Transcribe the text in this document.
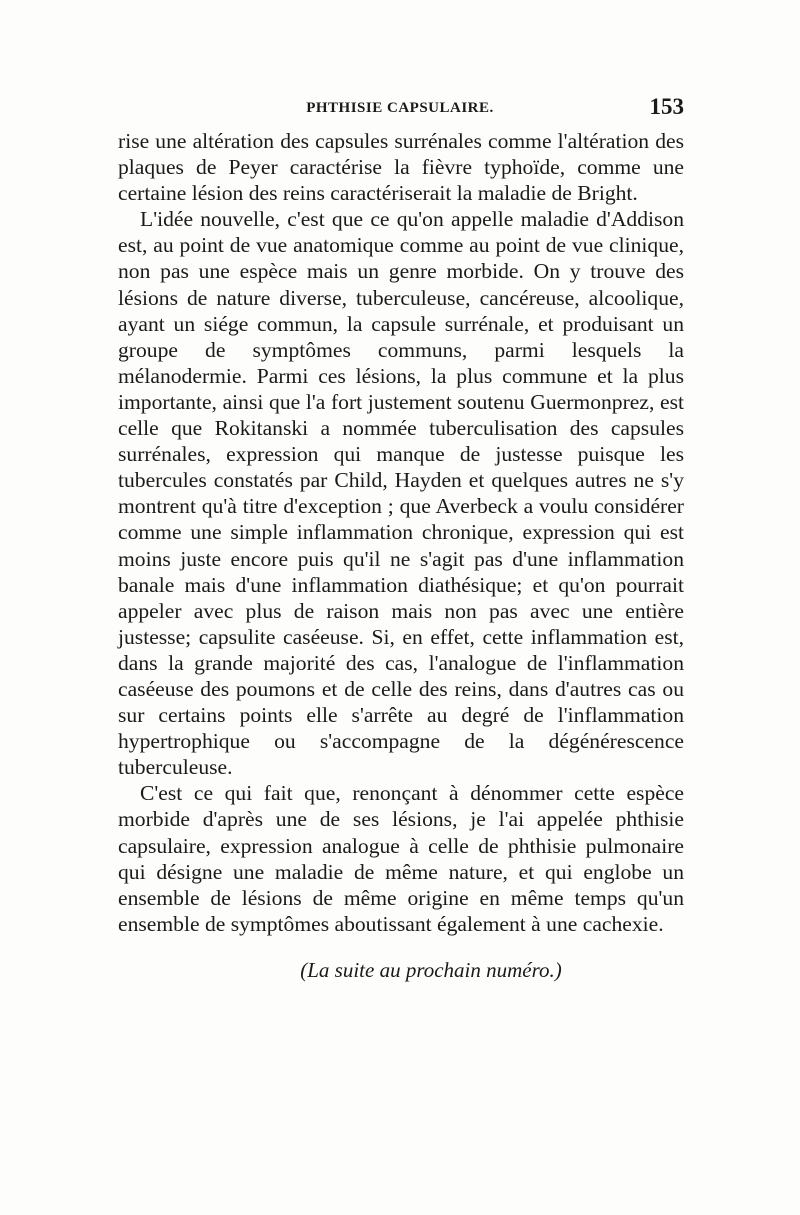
PHTHISIE CAPSULAIRE.	153

rise une altération des capsules surrénales comme l'altération des plaques de Peyer caractérise la fièvre typhoïde, comme une certaine lésion des reins caractériserait la maladie de Bright.

L'idée nouvelle, c'est que ce qu'on appelle maladie d'Addison est, au point de vue anatomique comme au point de vue clinique, non pas une espèce mais un genre morbide. On y trouve des lésions de nature diverse, tuberculeuse, cancéreuse, alcoolique, ayant un siége commun, la capsule surrénale, et produisant un groupe de symptômes communs, parmi lesquels la mélanodermie. Parmi ces lésions, la plus commune et la plus importante, ainsi que l'a fort justement soutenu Guermonprez, est celle que Rokitanski a nommée tuberculisation des capsules surrénales, expression qui manque de justesse puisque les tubercules constatés par Child, Hayden et quelques autres ne s'y montrent qu'à titre d'exception ; que Averbeck a voulu considérer comme une simple inflammation chronique, expression qui est moins juste encore puis qu'il ne s'agit pas d'une inflammation banale mais d'une inflammation diathésique; et qu'on pourrait appeler avec plus de raison mais non pas avec une entière justesse; capsulite caséeuse. Si, en effet, cette inflammation est, dans la grande majorité des cas, l'analogue de l'inflammation caséeuse des poumons et de celle des reins, dans d'autres cas ou sur certains points elle s'arrête au degré de l'inflammation hypertrophique ou s'accompagne de la dégénérescence tuberculeuse.

C'est ce qui fait que, renonçant à dénommer cette espèce morbide d'après une de ses lésions, je l'ai appelée phthisie capsulaire, expression analogue à celle de phthisie pulmonaire qui désigne une maladie de même nature, et qui englobe un ensemble de lésions de même origine en même temps qu'un ensemble de symptômes aboutissant également à une cachexie.

(La suite au prochain numéro.)
